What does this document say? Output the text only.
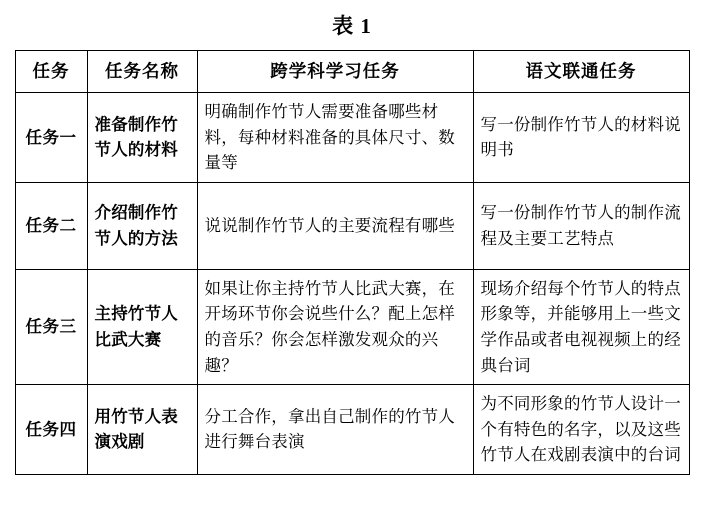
表 1
任务	任务名称	跨学科学习任务	语文联通任务
任务一	准备制作竹节人的材料	明确制作竹节人需要准备哪些材料，每种材料准备的具体尺寸、数量等	写一份制作竹节人的材料说明书
任务二	介绍制作竹节人的方法	说说制作竹节人的主要流程有哪些	写一份制作竹节人的制作流程及主要工艺特点
任务三	主持竹节人比武大赛	如果让你主持竹节人比武大赛，在开场环节你会说些什么？配上怎样的音乐？你会怎样激发观众的兴趣？	现场介绍每个竹节人的特点形象等，并能够用上一些文学作品或者电视视频上的经典台词
任务四	用竹节人表演戏剧	分工合作，拿出自己制作的竹节人进行舞台表演	为不同形象的竹节人设计一个有特色的名字，以及这些竹节人在戏剧表演中的台词
